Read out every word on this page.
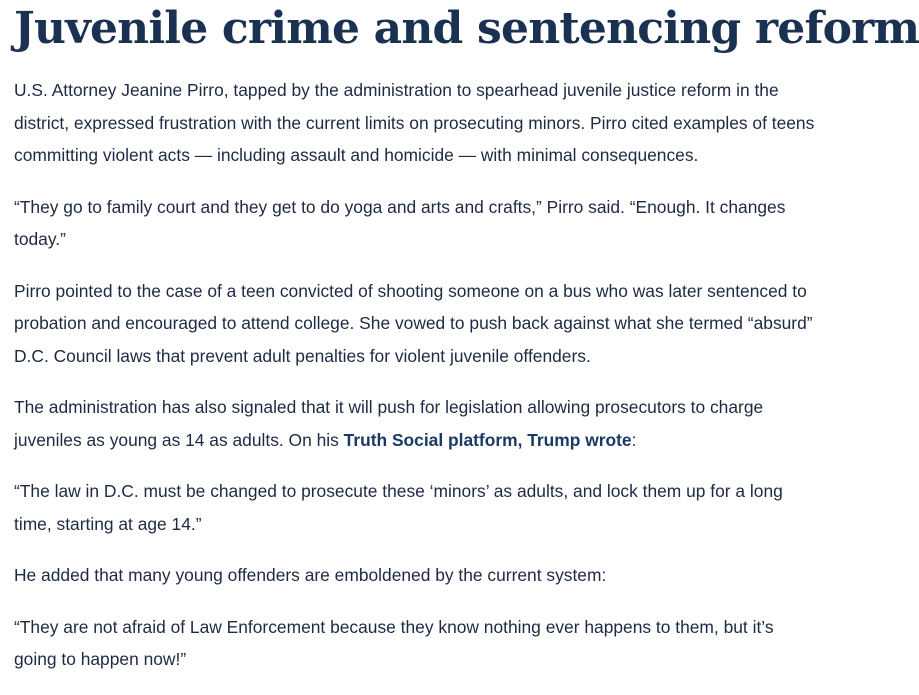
Juvenile crime and sentencing reform

U.S. Attorney Jeanine Pirro, tapped by the administration to spearhead juvenile justice reform in the district, expressed frustration with the current limits on prosecuting minors. Pirro cited examples of teens committing violent acts — including assault and homicide — with minimal consequences.

“They go to family court and they get to do yoga and arts and crafts,” Pirro said. “Enough. It changes today.”

Pirro pointed to the case of a teen convicted of shooting someone on a bus who was later sentenced to probation and encouraged to attend college. She vowed to push back against what she termed “absurd” D.C. Council laws that prevent adult penalties for violent juvenile offenders.

The administration has also signaled that it will push for legislation allowing prosecutors to charge juveniles as young as 14 as adults. On his Truth Social platform, Trump wrote:

“The law in D.C. must be changed to prosecute these ‘minors’ as adults, and lock them up for a long time, starting at age 14.”

He added that many young offenders are emboldened by the current system:

“They are not afraid of Law Enforcement because they know nothing ever happens to them, but it’s going to happen now!”
